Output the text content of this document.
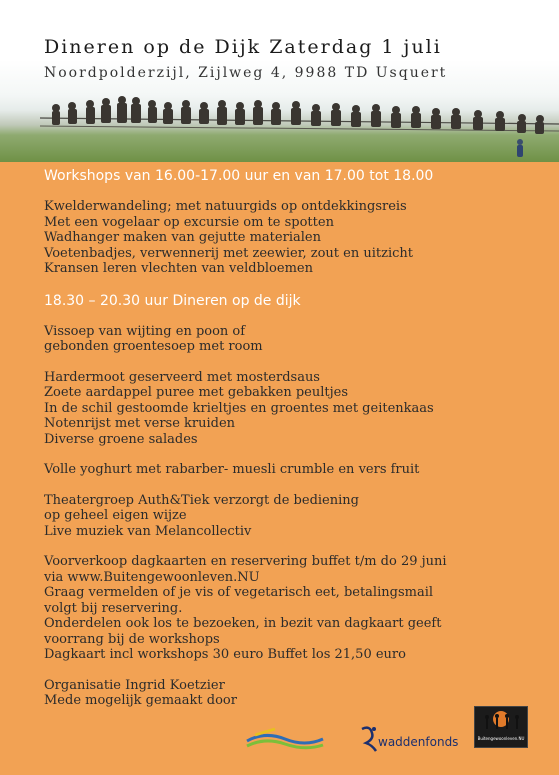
Dineren op de Dijk Zaterdag 1 juli
Noordpolderzijl, Zijlweg 4, 9988 TD Usquert
Workshops van 16.00-17.00 uur en van 17.00 tot 18.00
Kwelderwandeling; met natuurgids op ontdekkingsreis
Met een vogelaar op excursie om te spotten
Wadhanger maken van gejutte materialen
Voetenbadjes, verwennerij met zeewier, zout en uitzicht
Kransen leren vlechten van veldbloemen
18.30 – 20.30 uur Dineren op de dijk
Vissoep van wijting en poon of
gebonden groentesoep met room
Hardermoot geserveerd met mosterdsaus
Zoete aardappel puree met gebakken peultjes
In de schil gestoomde krieltjes en groentes met geitenkaas
Notenrijst met verse kruiden
Diverse groene salades
Volle yoghurt met rabarber- muesli crumble en vers fruit
Theatergroep Auth&Tiek verzorgt de bediening
op geheel eigen wijze
Live muziek van Melancollectiv
Voorverkoop dagkaarten en reservering buffet t/m do 29 juni
via www.Buitengewoonleven.NU
Graag vermelden of je vis of vegetarisch eet, betalingsmail
volgt bij reservering.
Onderdelen ook los te bezoeken, in bezit van dagkaart geeft
voorrang bij de workshops
Dagkaart incl workshops 30 euro Buffet los 21,50 euro
Organisatie Ingrid Koetzier
Mede mogelijk gemaakt door
waddenfonds	Buitengewoonleven.NU
